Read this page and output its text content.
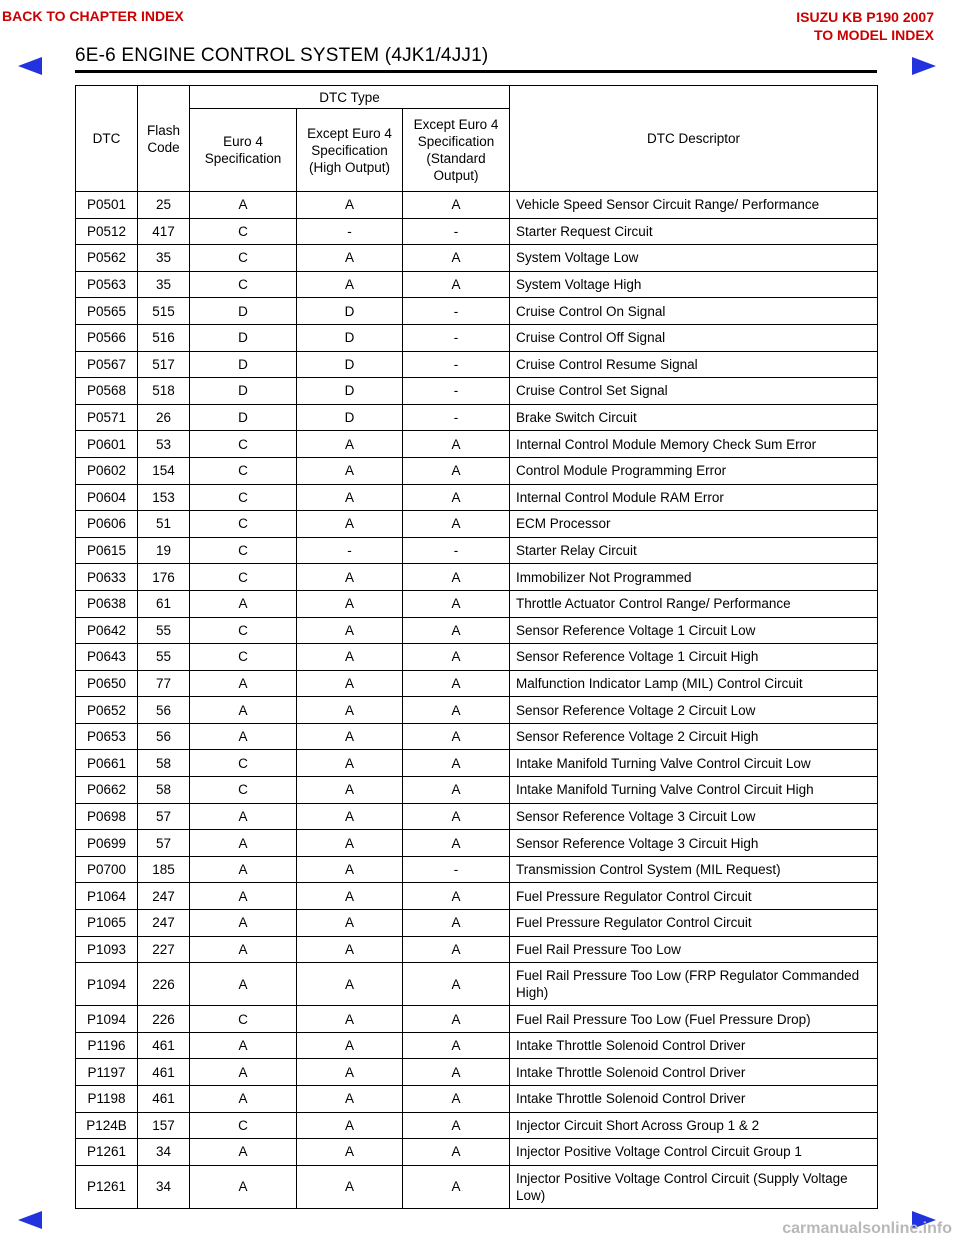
BACK TO CHAPTER INDEX	ISUZU KB P190 2007
TO MODEL INDEX
6E-6 ENGINE CONTROL SYSTEM (4JK1/4JJ1)
DTC	Flash Code	DTC Type			DTC Descriptor
		Euro 4 Specification	Except Euro 4 Specification (High Output)	Except Euro 4 Specification (Standard Output)	
P0501	25	A	A	A	Vehicle Speed Sensor Circuit Range/ Performance
P0512	417	C	-	-	Starter Request Circuit
P0562	35	C	A	A	System Voltage Low
P0563	35	C	A	A	System Voltage High
P0565	515	D	D	-	Cruise Control On Signal
P0566	516	D	D	-	Cruise Control Off Signal
P0567	517	D	D	-	Cruise Control Resume Signal
P0568	518	D	D	-	Cruise Control Set Signal
P0571	26	D	D	-	Brake Switch Circuit
P0601	53	C	A	A	Internal Control Module Memory Check Sum Error
P0602	154	C	A	A	Control Module Programming Error
P0604	153	C	A	A	Internal Control Module RAM Error
P0606	51	C	A	A	ECM Processor
P0615	19	C	-	-	Starter Relay Circuit
P0633	176	C	A	A	Immobilizer Not Programmed
P0638	61	A	A	A	Throttle Actuator Control Range/ Performance
P0642	55	C	A	A	Sensor Reference Voltage 1 Circuit Low
P0643	55	C	A	A	Sensor Reference Voltage 1 Circuit High
P0650	77	A	A	A	Malfunction Indicator Lamp (MIL) Control Circuit
P0652	56	A	A	A	Sensor Reference Voltage 2 Circuit Low
P0653	56	A	A	A	Sensor Reference Voltage 2 Circuit High
P0661	58	C	A	A	Intake Manifold Turning Valve Control Circuit Low
P0662	58	C	A	A	Intake Manifold Turning Valve Control Circuit High
P0698	57	A	A	A	Sensor Reference Voltage 3 Circuit Low
P0699	57	A	A	A	Sensor Reference Voltage 3 Circuit High
P0700	185	A	A	-	Transmission Control System (MIL Request)
P1064	247	A	A	A	Fuel Pressure Regulator Control Circuit
P1065	247	A	A	A	Fuel Pressure Regulator Control Circuit
P1093	227	A	A	A	Fuel Rail Pressure Too Low
P1094	226	A	A	A	Fuel Rail Pressure Too Low (FRP Regulator Commanded High)
P1094	226	C	A	A	Fuel Rail Pressure Too Low (Fuel Pressure Drop)
P1196	461	A	A	A	Intake Throttle Solenoid Control Driver
P1197	461	A	A	A	Intake Throttle Solenoid Control Driver
P1198	461	A	A	A	Intake Throttle Solenoid Control Driver
P124B	157	C	A	A	Injector Circuit Short Across Group 1 & 2
P1261	34	A	A	A	Injector Positive Voltage Control Circuit Group 1
P1261	34	A	A	A	Injector Positive Voltage Control Circuit (Supply Voltage Low)
carmanualsonline.info
